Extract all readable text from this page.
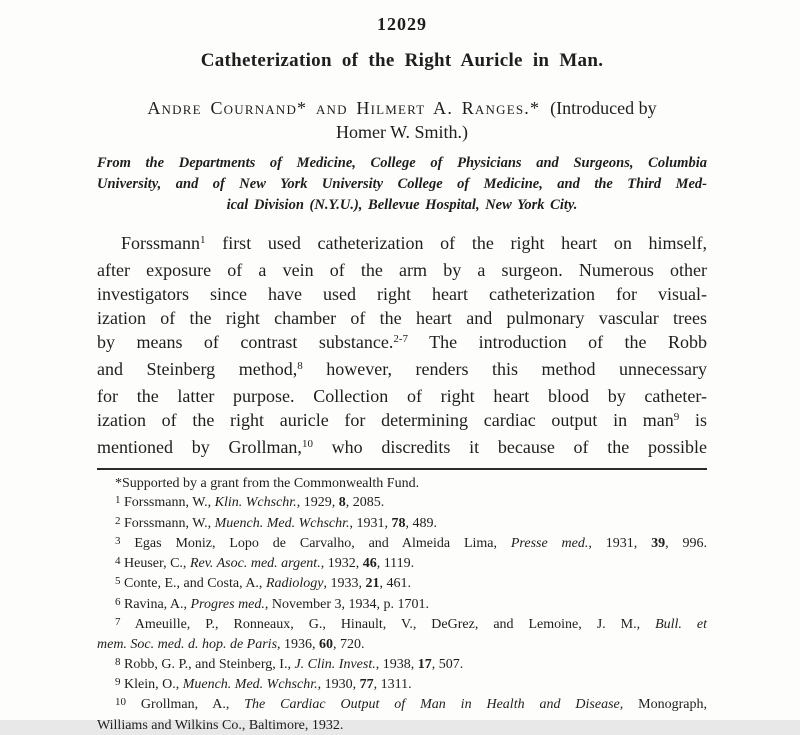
12029
Catheterization of the Right Auricle in Man.
Andre Cournand* and Hilmert A. Ranges.* (Introduced by
Homer W. Smith.)
From the Departments of Medicine, College of Physicians and Surgeons, Columbia
University, and of New York University College of Medicine, and the Third Med-
ical Division (N.Y.U.), Bellevue Hospital, New York City.
Forssmann$^1$ first used catheterization of the right heart on himself,
after exposure of a vein of the arm by a surgeon. Numerous other
investigators since have used right heart catheterization for visual-
ization of the right chamber of the heart and pulmonary vascular trees
by means of contrast substance.$^{2-7}$ The introduction of the Robb
and Steinberg method,$^8$ however, renders this method unnecessary
for the latter purpose. Collection of right heart blood by catheter-
ization of the right auricle for determining cardiac output in man$^9$ is
mentioned by Grollman,$^{10}$ who discredits it because of the possible
*Supported by a grant from the Commonwealth Fund.
$^1$ Forssmann, W., Klin. Wchschr., 1929, 8, 2085.
$^2$ Forssmann, W., Muench. Med. Wchschr., 1931, 78, 489.
$^3$ Egas Moniz, Lopo de Carvalho, and Almeida Lima, Presse med., 1931, 39, 996.
$^4$ Heuser, C., Rev. Asoc. med. argent., 1932, 46, 1119.
$^5$ Conte, E., and Costa, A., Radiology, 1933, 21, 461.
$^6$ Ravina, A., Progres med., November 3, 1934, p. 1701.
$^7$ Ameuille, P., Ronneaux, G., Hinault, V., DeGrez, and Lemoine, J. M., Bull. et
mem. Soc. med. d. hop. de Paris, 1936, 60, 720.
$^8$ Robb, G. P., and Steinberg, I., J. Clin. Invest., 1938, 17, 507.
$^9$ Klein, O., Muench. Med. Wchschr., 1930, 77, 1311.
$^{10}$ Grollman, A., The Cardiac Output of Man in Health and Disease, Monograph,
Williams and Wilkins Co., Baltimore, 1932.
